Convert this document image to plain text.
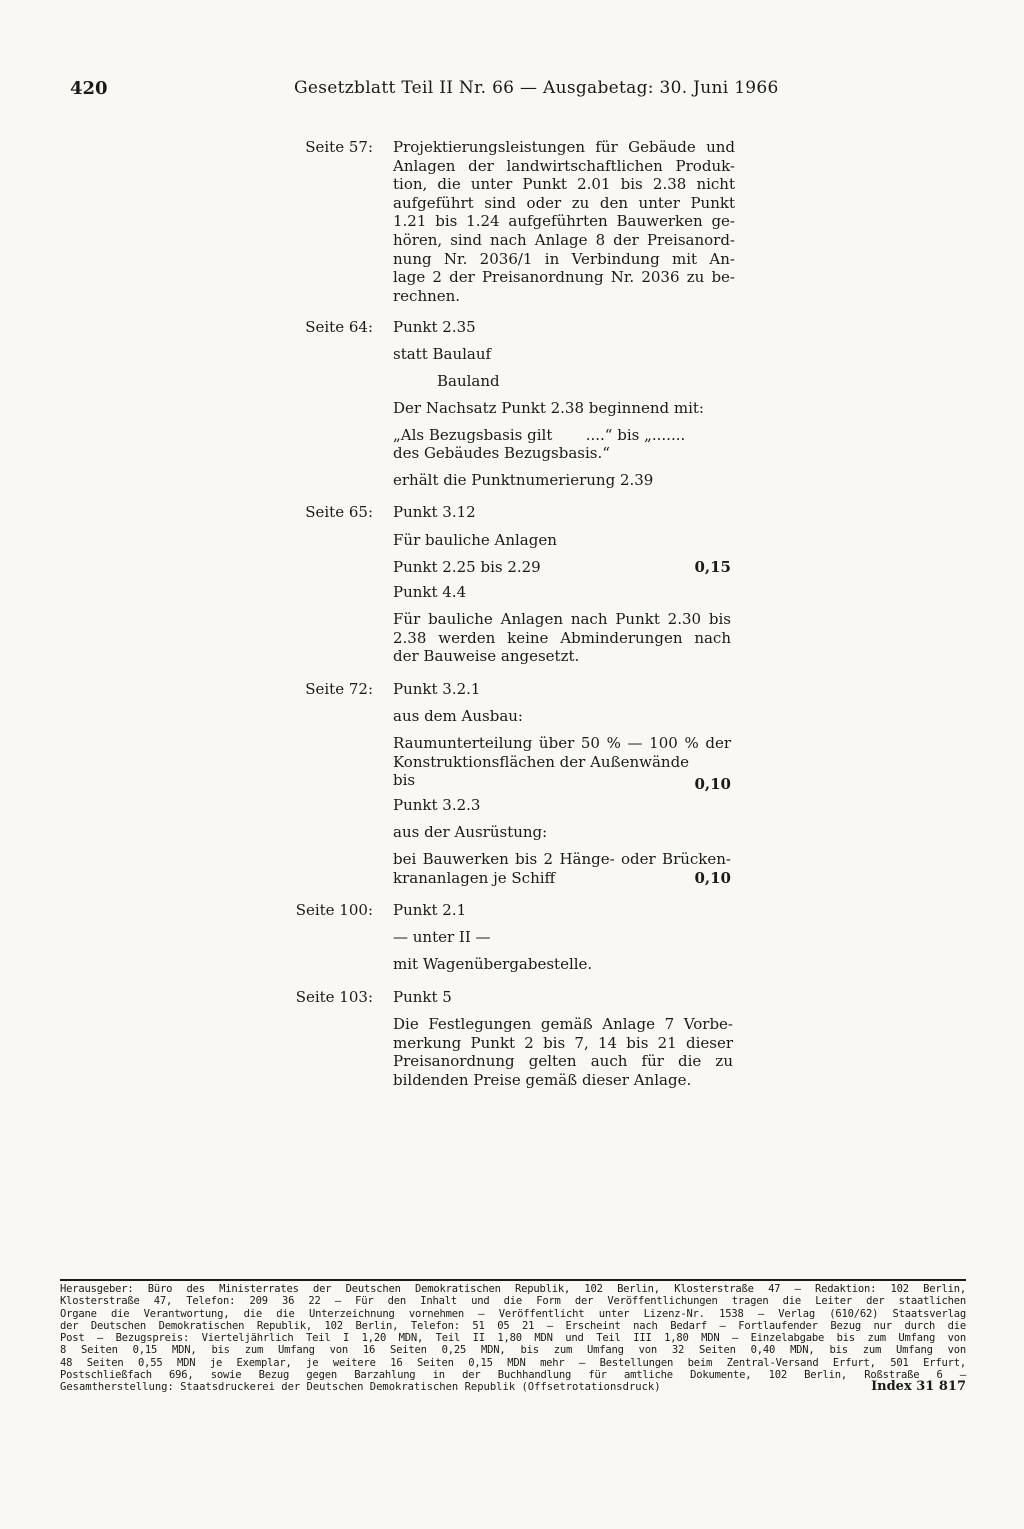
420	Gesetzblatt Teil II Nr. 66 — Ausgabetag: 30. Juni 1966
Seite 57: Projektierungsleistungen für Gebäude und
Anlagen der landwirtschaftlichen Produk-
tion, die unter Punkt 2.01 bis 2.38 nicht
aufgeführt sind oder zu den unter Punkt
1.21 bis 1.24 aufgeführten Bauwerken ge-
hören, sind nach Anlage 8 der Preisanord-
nung Nr. 2036/1 in Verbindung mit An-
lage 2 der Preisanordnung Nr. 2036 zu be-
rechnen.
Seite 64: Punkt 2.35
statt Baulauf
Bauland
Der Nachsatz Punkt 2.38 beginnend mit:
„Als Bezugsbasis gilt       ....“ bis „.......
des Gebäudes Bezugsbasis.“
erhält die Punktnumerierung 2.39
Seite 65: Punkt 3.12
Für bauliche Anlagen
Punkt 2.25 bis 2.29	0,15
Punkt 4.4
Für bauliche Anlagen nach Punkt 2.30 bis
2.38 werden keine Abminderungen nach
der Bauweise angesetzt.
Seite 72: Punkt 3.2.1
aus dem Ausbau:
Raumunterteilung über 50 % — 100 % der
Konstruktionsflächen der Außenwände
bis	0,10
Punkt 3.2.3
aus der Ausrüstung:
bei Bauwerken bis 2 Hänge- oder Brücken-
krananlagen je Schiff	0,10
Seite 100: Punkt 2.1
— unter II —
mit Wagenübergabestelle.
Seite 103: Punkt 5
Die Festlegungen gemäß Anlage 7 Vorbe-
merkung Punkt 2 bis 7, 14 bis 21 dieser
Preisanordnung gelten auch für die zu
bildenden Preise gemäß dieser Anlage.
Herausgeber: Büro des Ministerrates der Deutschen Demokratischen Republik, 102 Berlin, Klosterstraße 47 — Redaktion: 102 Berlin,
Klosterstraße 47, Telefon: 209 36 22 — Für den Inhalt und die Form der Veröffentlichungen tragen die Leiter der staatlichen
Organe die Verantwortung, die die Unterzeichnung vornehmen — Veröffentlicht unter Lizenz-Nr. 1538 — Verlag (610/62) Staatsverlag
der Deutschen Demokratischen Republik, 102 Berlin, Telefon: 51 05 21 — Erscheint nach Bedarf — Fortlaufender Bezug nur durch die
Post — Bezugspreis: Vierteljährlich Teil I 1,20 MDN, Teil II 1,80 MDN und Teil III 1,80 MDN — Einzelabgabe bis zum Umfang von
8 Seiten 0,15 MDN, bis zum Umfang von 16 Seiten 0,25 MDN, bis zum Umfang von 32 Seiten 0,40 MDN, bis zum Umfang von
48 Seiten 0,55 MDN je Exemplar, je weitere 16 Seiten 0,15 MDN mehr — Bestellungen beim Zentral-Versand Erfurt, 501 Erfurt,
Postschließfach 696, sowie Bezug gegen Barzahlung in der Buchhandlung für amtliche Dokumente, 102 Berlin, Roßstraße 6 —
Gesamtherstellung: Staatsdruckerei der Deutschen Demokratischen Republik (Offsetrotationsdruck)	Index 31 817
